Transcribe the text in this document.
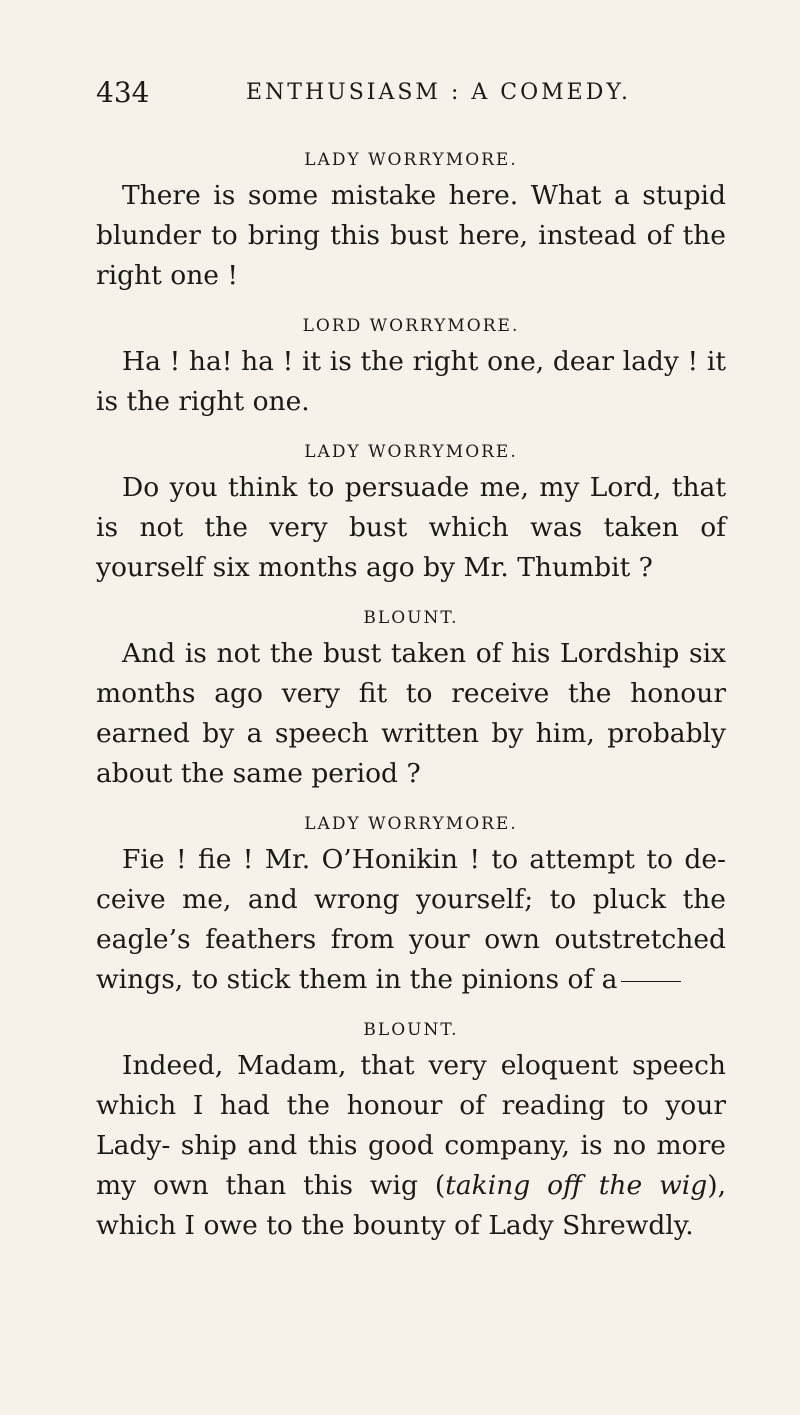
434	ENTHUSIASM : A COMEDY.
LADY WORRYMORE.

There is some mistake here. What a stupid blunder to bring this bust here, instead of the right one !

LORD WORRYMORE.

Ha ! ha! ha ! it is the right one, dear lady ! it is the right one.

LADY WORRYMORE.

Do you think to persuade me, my Lord, that is not the very bust which was taken of yourself six months ago by Mr. Thumbit ?

BLOUNT.

And is not the bust taken of his Lordship six months ago very fit to receive the honour earned by a speech written by him, probably about the same period ?

LADY WORRYMORE.

Fie ! fie ! Mr. O’Honikin ! to attempt to de- ceive me, and wrong yourself; to pluck the eagle’s feathers from your own outstretched wings, to stick them in the pinions of a

BLOUNT.

Indeed, Madam, that very eloquent speech which I had the honour of reading to your Lady- ship and this good company, is no more my own than this wig (taking off the wig), which I owe to the bounty of Lady Shrewdly.
